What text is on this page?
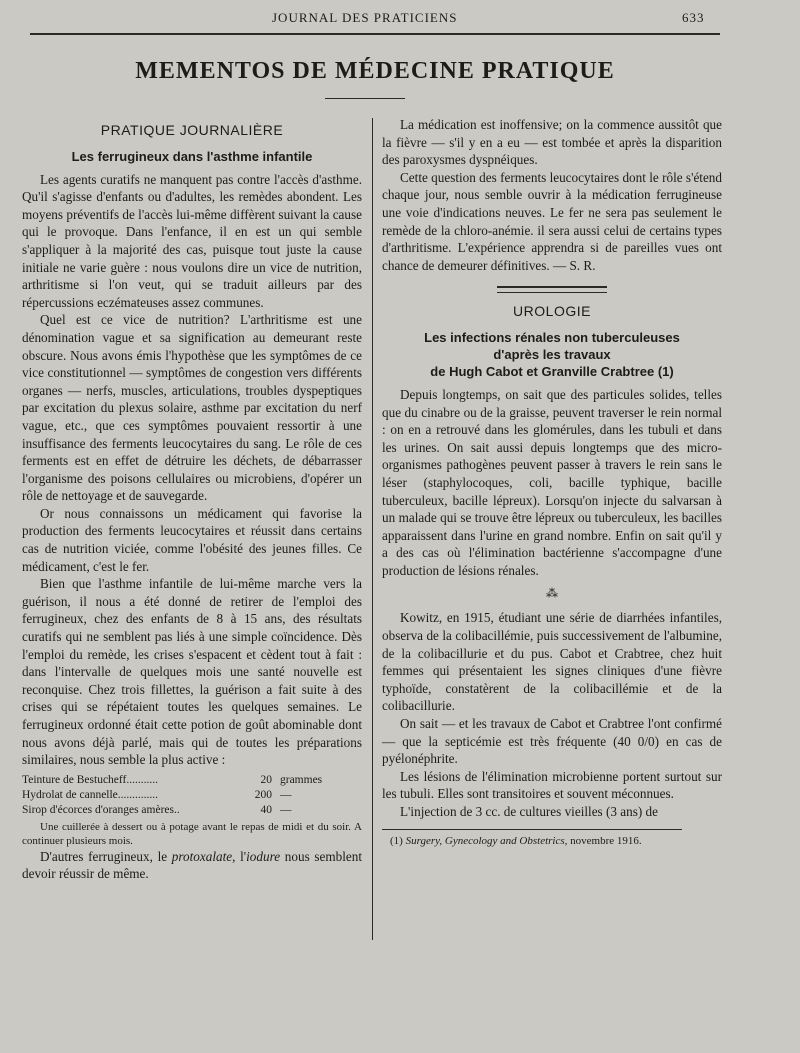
JOURNAL DES PRATICIENS	633
MEMENTOS DE MÉDECINE PRATIQUE
PRATIQUE JOURNALIÈRE
Les ferrugineux dans l'asthme infantile

Les agents curatifs ne manquent pas contre l'accès d'asthme. Qu'il s'agisse d'enfants ou d'adultes, les remèdes abondent. Les moyens préventifs de l'accès lui-même diffèrent suivant la cause qui le provoque. Dans l'enfance, il en est un qui semble s'appliquer à la majorité des cas, puisque tout juste la cause initiale ne varie guère : nous voulons dire un vice de nutrition, arthritisme si l'on veut, qui se traduit ailleurs par des répercussions eczémateuses assez communes.

Quel est ce vice de nutrition? L'arthritisme est une dénomination vague et sa signification au demeurant reste obscure. Nous avons émis l'hypothèse que les symptômes de ce vice constitutionnel — symptômes de congestion vers différents organes — nerfs, muscles, articulations, troubles dyspeptiques par excitation du plexus solaire, asthme par excitation du nerf vague, etc., que ces symptômes pouvaient ressortir à une insuffisance des ferments leucocytaires du sang. Le rôle de ces ferments est en effet de détruire les déchets, de débarrasser l'organisme des poisons cellulaires ou microbiens, d'opérer un rôle de nettoyage et de sauvegarde.

Or nous connaissons un médicament qui favorise la production des ferments leucocytaires et réussit dans certains cas de nutrition viciée, comme l'obésité des jeunes filles. Ce médicament, c'est le fer.

Bien que l'asthme infantile de lui-même marche vers la guérison, il nous a été donné de retirer de l'emploi des ferrugineux, chez des enfants de 8 à 15 ans, des résultats curatifs qui ne semblent pas liés à une simple coïncidence. Dès l'emploi du remède, les crises s'espacent et cèdent tout à fait : dans l'intervalle de quelques mois une santé nouvelle est reconquise. Chez trois fillettes, la guérison a fait suite à des crises qui se répétaient toutes les quelques semaines. Le ferrugineux ordonné était cette potion de goût abominable dont nous avons déjà parlé, mais qui de toutes les préparations similaires, nous semble la plus active :

Teinture de Bestucheff...........	20 grammes
Hydrolat de cannelle..............	200 —
Sirop d'écorces d'oranges amères..	40 —

Une cuillerée à dessert ou à potage avant le repas de midi et du soir. A continuer plusieurs mois.

D'autres ferrugineux, le protoxalate, l'iodure nous semblent devoir réussir de même.

La médication est inoffensive; on la commence aussitôt que la fièvre — s'il y en a eu — est tombée et après la disparition des paroxysmes dyspnéiques.

Cette question des ferments leucocytaires dont le rôle s'étend chaque jour, nous semble ouvrir à la médication ferrugineuse une voie d'indications neuves. Le fer ne sera pas seulement le remède de la chloro-anémie. il sera aussi celui de certains types d'arthritisme. L'expérience apprendra si de pareilles vues ont chance de demeurer définitives. — S. R.

UROLOGIE
Les infections rénales non tuberculeuses
d'après les travaux
de Hugh Cabot et Granville Crabtree (1)

Depuis longtemps, on sait que des particules solides, telles que du cinabre ou de la graisse, peuvent traverser le rein normal : on en a retrouvé dans les glomérules, dans les tubuli et dans les urines. On sait aussi depuis longtemps que des micro-organismes pathogènes peuvent passer à travers le rein sans le léser (staphylocoques, coli, bacille typhique, bacille tuberculeux, bacille lépreux). Lorsqu'on injecte du salvarsan à un malade qui se trouve être lépreux ou tuberculeux, les bacilles apparaissent dans l'urine en grand nombre. Enfin on sait qu'il y a des cas où l'élimination bactérienne s'accompagne d'une production de lésions rénales.

⁂

Kowitz, en 1915, étudiant une série de diarrhées infantiles, observa de la colibacillémie, puis successivement de l'albumine, de la colibacillurie et du pus. Cabot et Crabtree, chez huit femmes qui présentaient les signes cliniques d'une fièvre typhoïde, constatèrent de la colibacillémie et de la colibacillurie.

On sait — et les travaux de Cabot et Crabtree l'ont confirmé — que la septicémie est très fréquente (40 0/0) en cas de pyélonéphrite.

Les lésions de l'élimination microbienne portent surtout sur les tubuli. Elles sont transitoires et souvent méconnues.

L'injection de 3 cc. de cultures vieilles (3 ans) de

(1) Surgery, Gynecology and Obstetrics, novembre 1916.
